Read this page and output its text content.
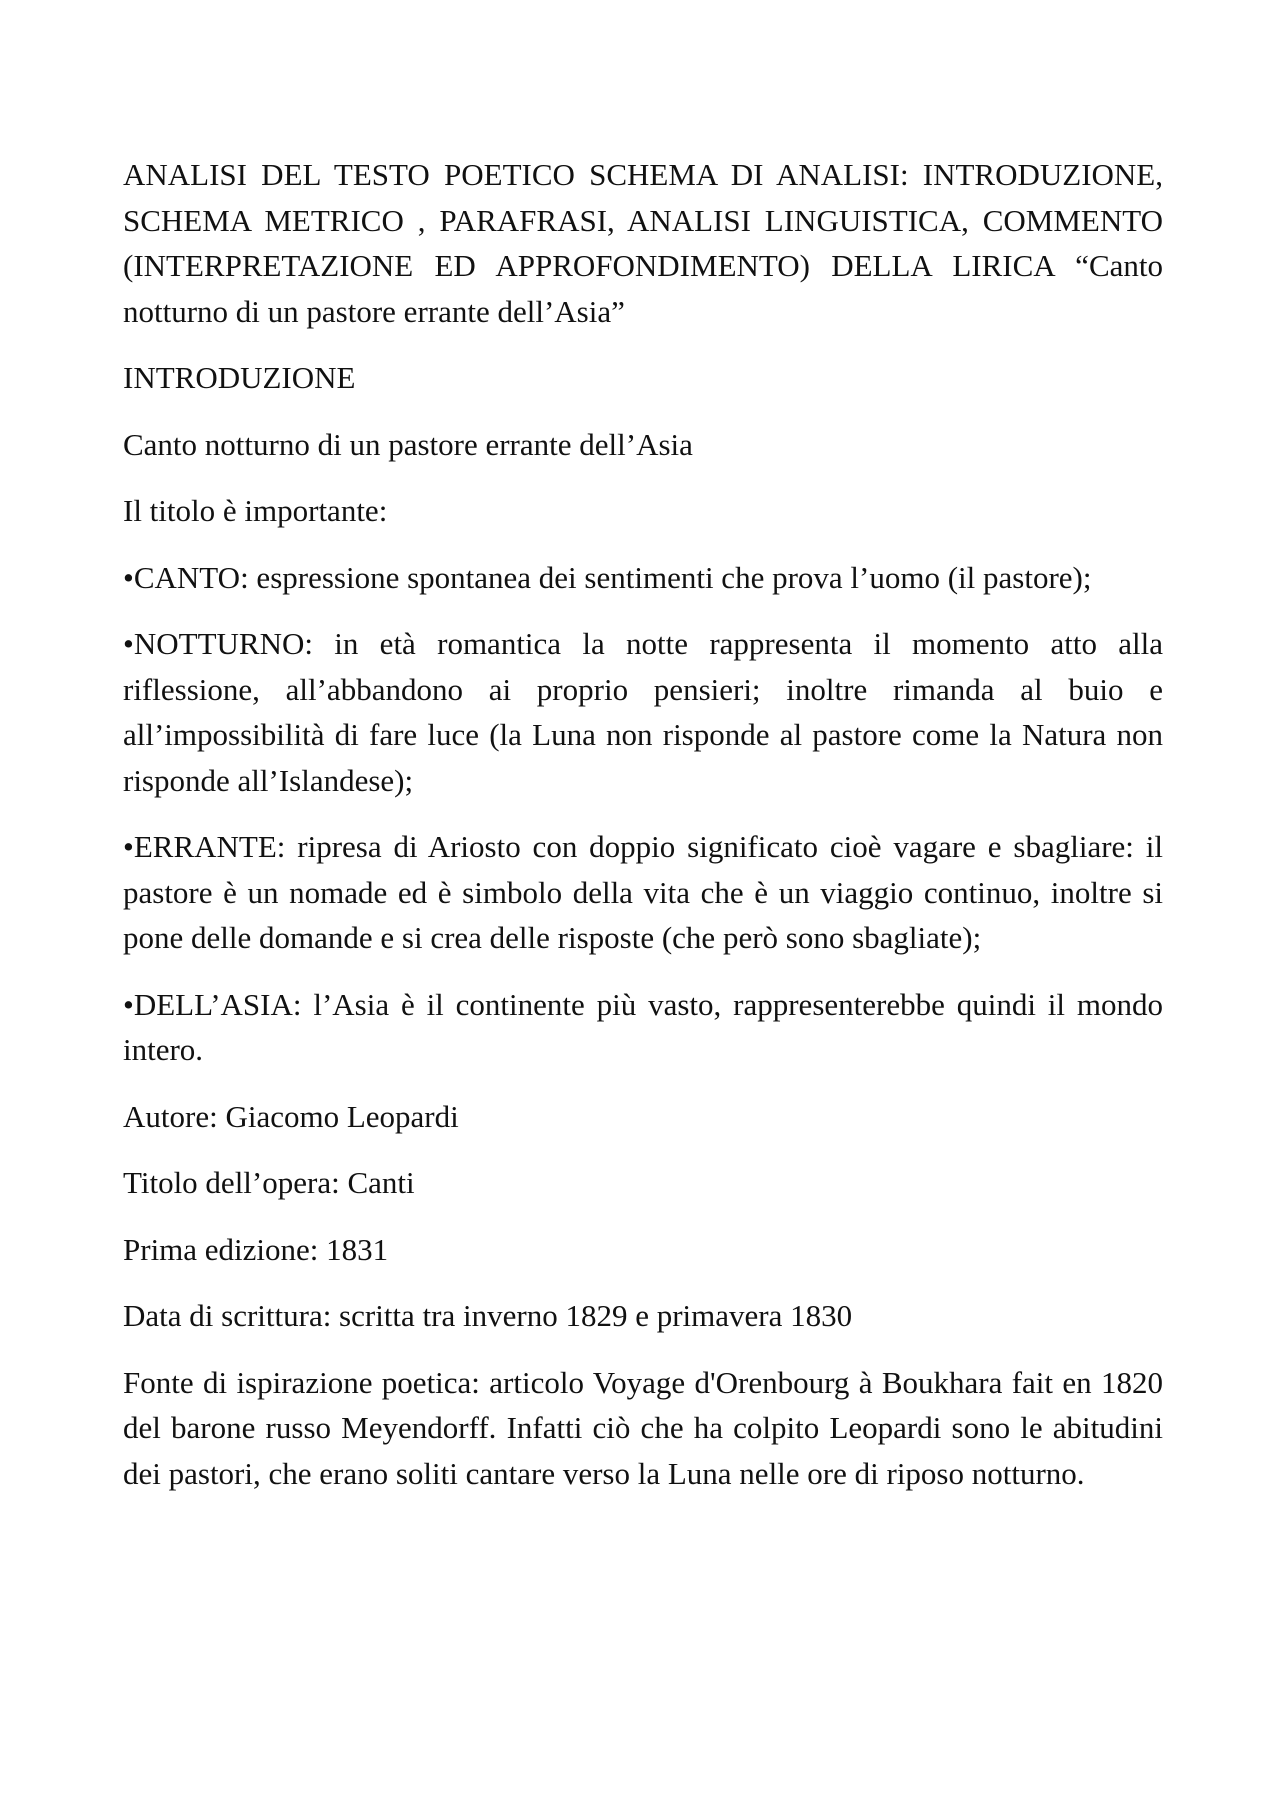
ANALISI DEL TESTO POETICO SCHEMA DI ANALISI: INTRODUZIONE, SCHEMA METRICO , PARAFRASI, ANALISI LINGUISTICA, COMMENTO (INTERPRETAZIONE ED APPROFONDIMENTO) DELLA LIRICA “Canto notturno di un pastore errante dell’Asia”

INTRODUZIONE

Canto notturno di un pastore errante dell’Asia

Il titolo è importante:

•CANTO: espressione spontanea dei sentimenti che prova l’uomo (il pastore);

•NOTTURNO: in età romantica la notte rappresenta il momento atto alla riflessione, all’abbandono ai proprio pensieri; inoltre rimanda al buio e all’impossibilità di fare luce (la Luna non risponde al pastore come la Natura non risponde all’Islandese);

•ERRANTE: ripresa di Ariosto con doppio significato cioè vagare e sbagliare: il pastore è un nomade ed è simbolo della vita che è un viaggio continuo, inoltre si pone delle domande e si crea delle risposte (che però sono sbagliate);

•DELL’ASIA: l’Asia è il continente più vasto, rappresenterebbe quindi il mondo intero.

Autore: Giacomo Leopardi

Titolo dell’opera: Canti

Prima edizione: 1831

Data di scrittura: scritta tra inverno 1829 e primavera 1830

Fonte di ispirazione poetica: articolo Voyage d'Orenbourg à Boukhara fait en 1820 del barone russo Meyendorff. Infatti ciò che ha colpito Leopardi sono le abitudini dei pastori, che erano soliti cantare verso la Luna nelle ore di riposo notturno.
